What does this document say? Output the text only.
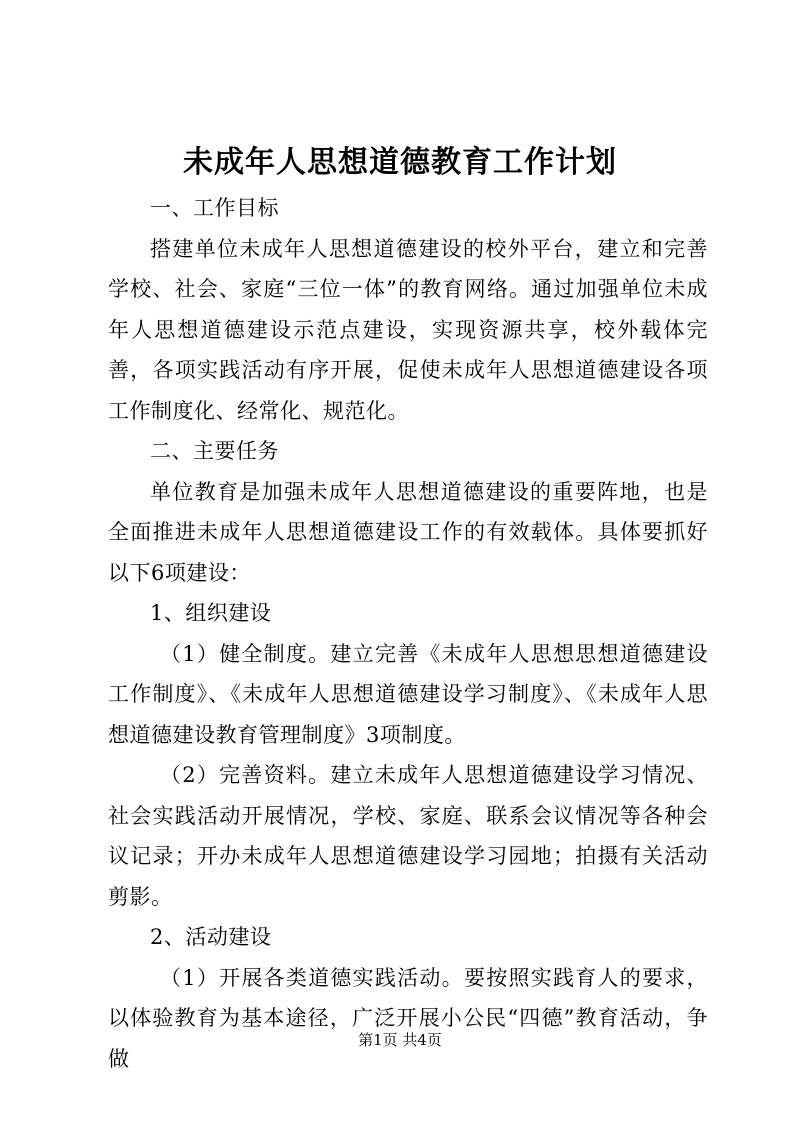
未成年人思想道德教育工作计划

一、工作目标

搭建单位未成年人思想道德建设的校外平台，建立和完善学校、社会、家庭“三位一体”的教育网络。通过加强单位未成年人思想道德建设示范点建设，实现资源共享，校外载体完善，各项实践活动有序开展，促使未成年人思想道德建设各项工作制度化、经常化、规范化。

二、主要任务

单位教育是加强未成年人思想道德建设的重要阵地，也是全面推进未成年人思想道德建设工作的有效载体。具体要抓好以下6项建设：

1、组织建设

（1）健全制度。建立完善《未成年人思想思想道德建设工作制度》、《未成年人思想道德建设学习制度》、《未成年人思想道德建设教育管理制度》3项制度。

（2）完善资料。建立未成年人思想道德建设学习情况、社会实践活动开展情况，学校、家庭、联系会议情况等各种会议记录；开办未成年人思想道德建设学习园地；拍摄有关活动剪影。

2、活动建设

（1）开展各类道德实践活动。要按照实践育人的要求，以体验教育为基本途径，广泛开展小公民“四德”教育活动，争做

第1页 共4页
